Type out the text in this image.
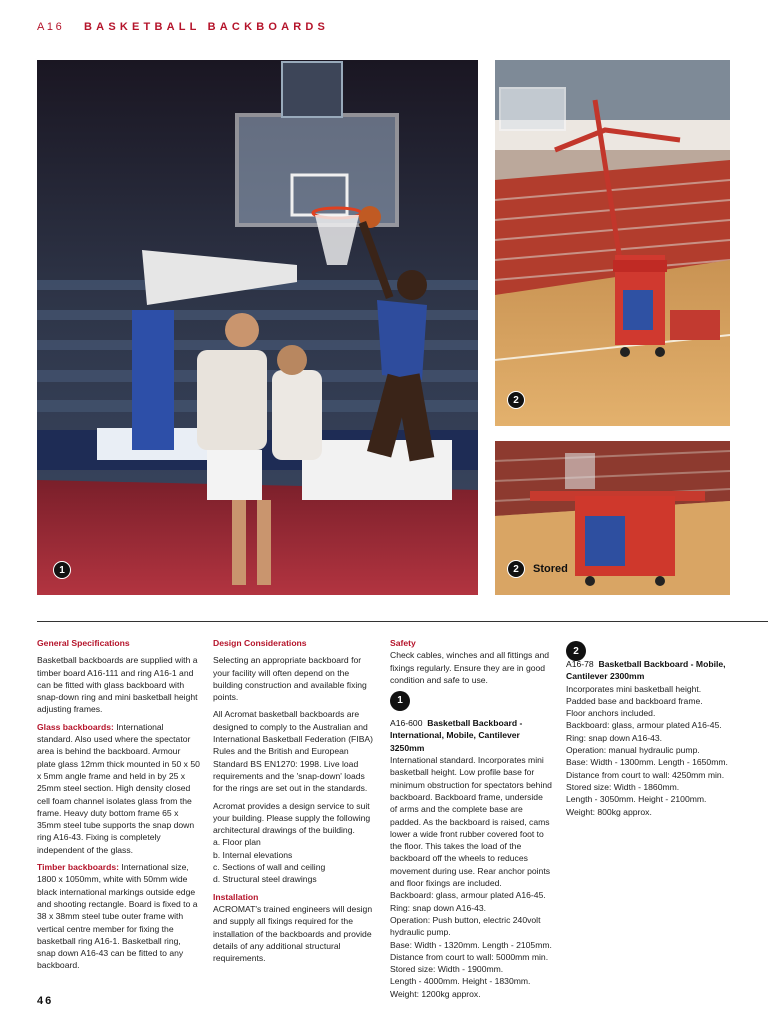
A16 BASKETBALL BACKBOARDS
1
2
2	Stored

General Specifications

Basketball backboards are supplied with a timber board A16-111 and ring A16-1 and can be fitted with glass backboard with snap-down ring and mini basketball height adjusting frames.

Glass backboards: International standard. Also used where the spectator area is behind the backboard. Armour plate glass 12mm thick mounted in 50 x 50 x 5mm angle frame and held in by 25 x 25mm steel section. High density closed cell foam channel isolates glass from the frame. Heavy duty bottom frame 65 x 35mm steel tube supports the snap down ring A16-43. Fixing is completely independent of the glass.

Timber backboards: International size, 1800 x 1050mm, white with 50mm wide black international markings outside edge and shooting rectangle. Board is fixed to a 38 x 38mm steel tube outer frame with vertical centre member for fixing the basketball ring A16-1. Basketball ring, snap down A16-43 can be fitted to any backboard.

Design Considerations

Selecting an appropriate backboard for your facility will often depend on the building construction and available fixing points.

All Acromat basketball backboards are designed to comply to the Australian and International Basketball Federation (FIBA) Rules and the British and European Standard BS EN1270: 1998. Live load requirements and the 'snap-down' loads for the rings are set out in the standards.

Acromat provides a design service to suit your building. Please supply the following architectural drawings of the building.

a. Floor plan
b. Internal elevations
c. Sections of wall and ceiling
d. Structural steel drawings

Installation

ACROMAT's trained engineers will design and supply all fixings required for the installation of the backboards and provide details of any additional structural requirements.

Safety

Check cables, winches and all fittings and fixings regularly. Ensure they are in good condition and safe to use.

1

A16-600 Basketball Backboard - International, Mobile, Cantilever 3250mm

International standard. Incorporates mini basketball height. Low profile base for minimum obstruction for spectators behind backboard. Backboard frame, underside of arms and the complete base are padded. As the backboard is raised, cams lower a wide front rubber covered foot to the floor. This takes the load of the backboard off the wheels to reduces movement during use. Rear anchor points and floor fixings are included.

Backboard: glass, armour plated A16-45.
Ring: snap down A16-43.
Operation: Push button, electric 240volt hydraulic pump.
Base: Width - 1320mm. Length - 2105mm.
Distance from court to wall: 5000mm min.
Stored size: Width - 1900mm.
Length - 4000mm. Height - 1830mm.
Weight: 1200kg approx.
2

A16-78 Basketball Backboard - Mobile, Cantilever 2300mm

Incorporates mini basketball height.
Padded base and backboard frame.
Floor anchors included.
Backboard: glass, armour plated A16-45.
Ring: snap down A16-43.
Operation: manual hydraulic pump.
Base: Width - 1300mm. Length - 1650mm.
Distance from court to wall: 4250mm min.
Stored size: Width - 1860mm.
Length - 3050mm. Height - 2100mm.
Weight: 800kg approx.
46
